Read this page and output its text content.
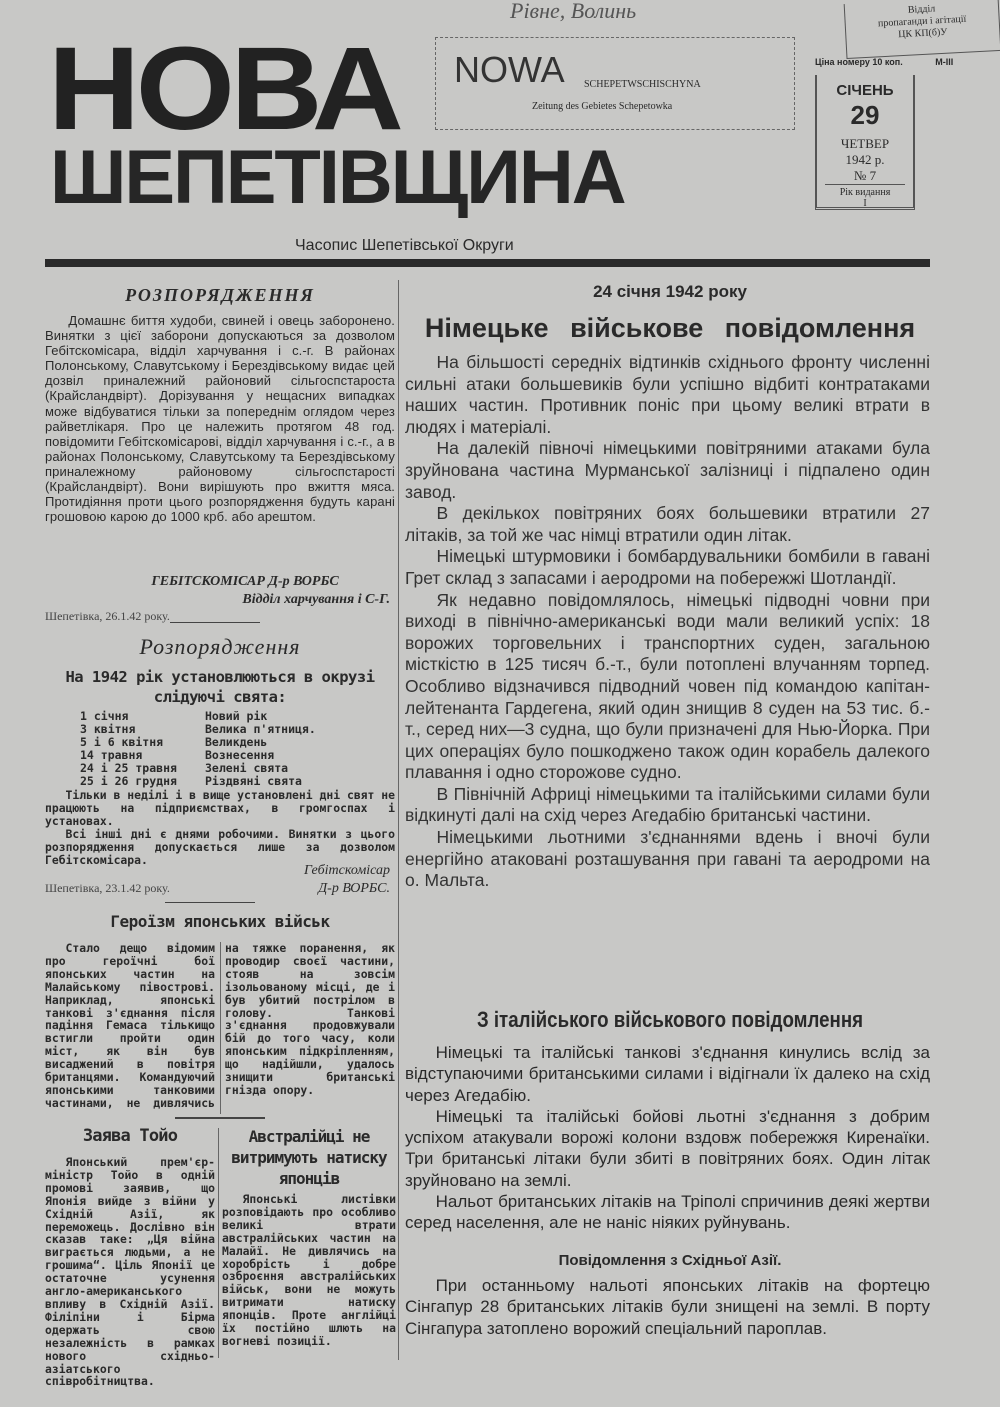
Рівне, Волинь	Відділ
пропаганди і агітації
ЦК КП(б)У
НОВА
ШЕПЕТІВЩИНА
NOWA SCHEPETWSCHISCHYNA
Zeitung des Gebietes Schepetowka
Ціна номеру 10 коп.	М-ІІІ
СІЧЕНЬ
29
ЧЕТВЕР
1942 р.
№ 7
Рік видання
I
Часопис Шепетівської Округи
РОЗПОРЯДЖЕННЯ

Домашнє биття худоби, свиней і овець заборонено. Винятки з цієї заборони допускаються за дозволом Гебітскомісара, відділ харчування і с.-г. В районах Полонському, Славутському і Берездівському видає цей дозвіл приналежний районовий сільгоспстароста (Крайсландвірт). Дорізування у нещасних випадках може відбуватися тільки за попереднім оглядом через райветлікаря. Про це належить протягом 48 год. повідомити Гебітскомісарові, відділ харчування і с.-г., а в районах Полонському, Славутському та Берездівському приналежному районовому сільгоспстаpoсті (Крайсландвірт). Вони вирішують про вжиття мяса. Протидіяння проти цього розпорядження будуть карані грошовою карою до 1000 крб. або арештом.

ГЕБІТСКОМІСАР Д-р ВОРБС
Відділ харчування і С-Г.
Шепетівка, 26.1.42 року.
Розпорядження
На 1942 рік установлюються в окрузі слідуючі свята:
1 січня	Новий рік
3 квітня	Велика п'ятниця.
5 і 6 квітня	Великдень
14 травня	Вознесення
24 і 25 травня Зелені свята
25 і 26 грудня Різдвяні свята

Тільки в неділі і в вище установлені дні свят не працюють на підприємствах, в громгоспах і установах.

Всі інші дні є днями робочими. Винятки з цього розпорядження допускається лише за дозволом Гебітскомісара.

Гебітскомісар
Д-р ВОРБС.
Шепетівка, 23.1.42 року.
Героїзм японських військ

Стало дещо відомим про героїчні бої японських частин на Малайському півострові. Наприклад, японські танкові з'єднання після падіння Гемаса тількищо встигли пройти один міст, як він був висаджений в повітря британцями. Командуючий японськими танковими частинами, не дивлячись на тяжке поранення, як проводир своєї частини, стояв на зовсім ізольованому місці, де і був убитий пострілом в голову. Танкові з'єднання продовжували бій до того часу, коли японським підкріпленням, що надійшли, удалось знищити британські гнізда опору.

Заява Тойо

Японський прем'єр-міністр Тойо в одній промові заявив, що Японія вийде з війни у Східній Азії, як переможець. Дослівно він сказав таке: „Ця війна виграється людьми, а не грошима“. Ціль Японії це остаточне усунення англо-американського впливу в Східній Азії. Філіпіни і Бірма одержать свою незалежність в рамках нового східньо-азіатського співробітництва.

Австралійці не витримують натиску японців

Японські листівки розповідають про особливо великі втрати австралійських частин на Малайї. Не дивлячись на хоробрість і добре озброєння австралійських військ, вони не можуть витримати натиску японців. Проте англійці їх постійно шлють на вогневі позиції.

24 січня 1942 року
Німецьке військове повідомлення

На більшості середніх відтинків східнього фронту численні сильні атаки большевиків були успішно відбиті контратаками наших частин. Противник поніс при цьому великі втрати в людях і матеріалі.

На далекій півночі німецькими повітряними атаками була зруйнована частина Мурманської залізниці і підпалено один завод.

В декількох повітряних боях большевики втратили 27 літаків, за той же час німці втратили один літак.

Німецькі штурмовики і бомбардувальники бомбили в гавані Грет склад з запасами і аеродроми на побережжі Шотландії.

Як недавно повідомлялось, німецькі підводні човни при виході в північно-американські води мали великий успіх: 18 ворожих торговельних і транспортних суден, загальною місткістю в 125 тисяч б.-т., були потоплені влучанням торпед. Особливо відзначився підводний човен під командою капітан-лейтенанта Гардегена, який один знищив 8 суден на 53 тис. б.-т., серед них—3 судна, що були призначені для Нью-Йорка. При цих операціях було пошкоджено також один корабель далекого плавання і одно сторожове судно.

В Північній Африці німецькими та італійськими силами були відкинуті далі на схід через Агедабію британські частини.

Німецькими льотними з'єднаннями вдень і вночі були енергійно атаковані розташування при гавані та аеродроми на о. Мальта.

З італійського військового повідомлення

Німецькі та італійські танкові з'єднання кинулись вслід за відступаючими британськими силами і відігнали їх далеко на схід через Агедабію.

Німецькі та італійські бойові льотні з'єднання з добрим успіхом атакували ворожі колони вздовж побережжя Киренаїки. Три британські літаки були збиті в повітряних боях. Один літак зруйновано на землі.

Нальот британських літаків на Тріполі спричинив деякі жертви серед населення, але не наніс ніяких руйнувань.

Повідомлення з Східньої Азії.

При останньому нальоті японських літаків на фортецю Сінгапур 28 британських літаків були знищені на землі. В порту Сінгапура затоплено ворожий спеціальний пароплав.
